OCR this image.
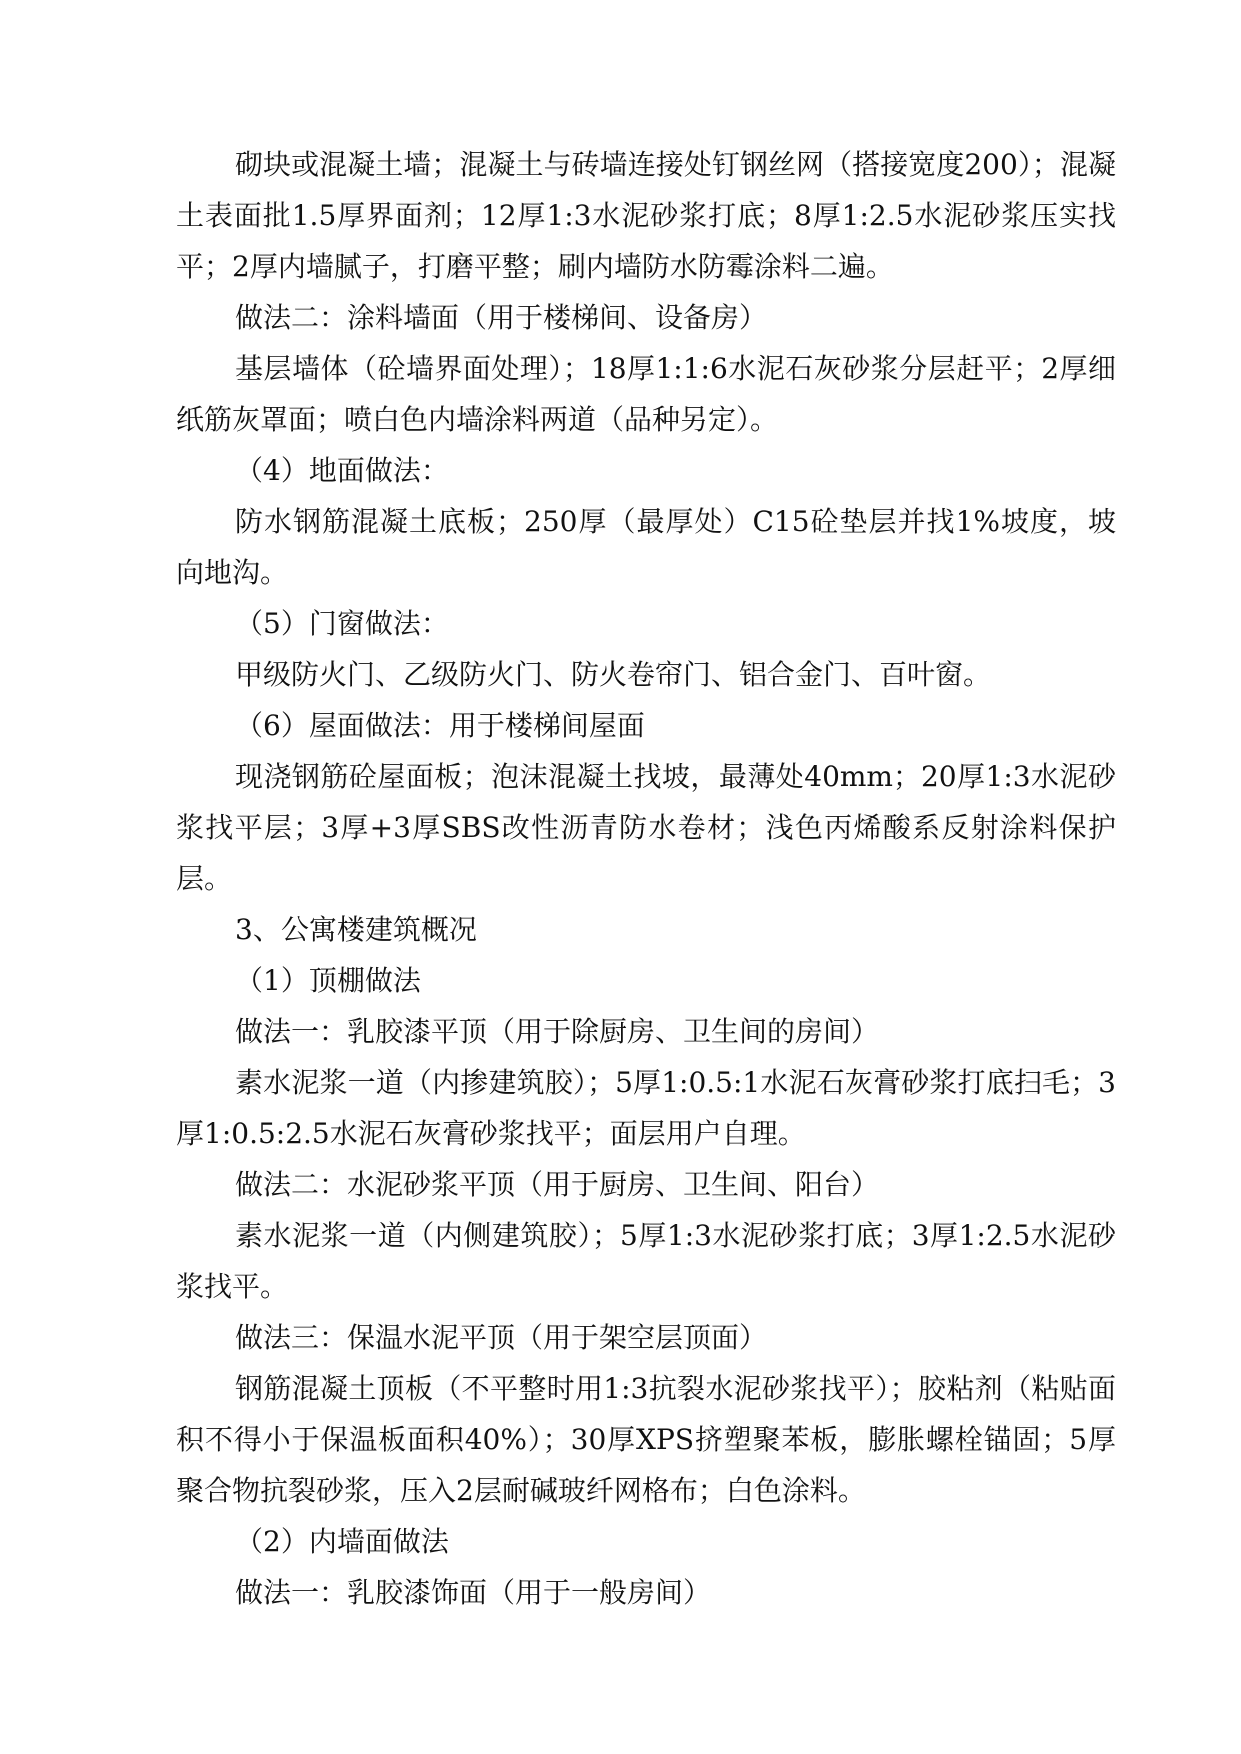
砌块或混凝土墙；混凝土与砖墙连接处钉钢丝网（搭接宽度200）；混凝土表面批1.5厚界面剂；12厚1:3水泥砂浆打底；8厚1:2.5水泥砂浆压实找平；2厚内墙腻子，打磨平整；刷内墙防水防霉涂料二遍。

做法二：涂料墙面（用于楼梯间、设备房）

基层墙体（砼墙界面处理）；18厚1:1:6水泥石灰砂浆分层赶平；2厚细纸筋灰罩面；喷白色内墙涂料两道（品种另定）。

（4）地面做法：

防水钢筋混凝土底板；250厚（最厚处）C15砼垫层并找1%坡度，坡向地沟。

（5）门窗做法：

甲级防火门、乙级防火门、防火卷帘门、铝合金门、百叶窗。

（6）屋面做法：用于楼梯间屋面

现浇钢筋砼屋面板；泡沫混凝土找坡，最薄处40mm；20厚1:3水泥砂浆找平层；3厚+3厚SBS改性沥青防水卷材；浅色丙烯酸系反射涂料保护层。

3、公寓楼建筑概况

（1）顶棚做法

做法一：乳胶漆平顶（用于除厨房、卫生间的房间）

素水泥浆一道（内掺建筑胶）；5厚1:0.5:1水泥石灰膏砂浆打底扫毛；3厚1:0.5:2.5水泥石灰膏砂浆找平；面层用户自理。

做法二：水泥砂浆平顶（用于厨房、卫生间、阳台）

素水泥浆一道（内侧建筑胶）；5厚1:3水泥砂浆打底；3厚1:2.5水泥砂浆找平。

做法三：保温水泥平顶（用于架空层顶面）

钢筋混凝土顶板（不平整时用1:3抗裂水泥砂浆找平）；胶粘剂（粘贴面积不得小于保温板面积40%）；30厚XPS挤塑聚苯板，膨胀螺栓锚固；5厚聚合物抗裂砂浆，压入2层耐碱玻纤网格布；白色涂料。

（2）内墙面做法

做法一：乳胶漆饰面（用于一般房间）
